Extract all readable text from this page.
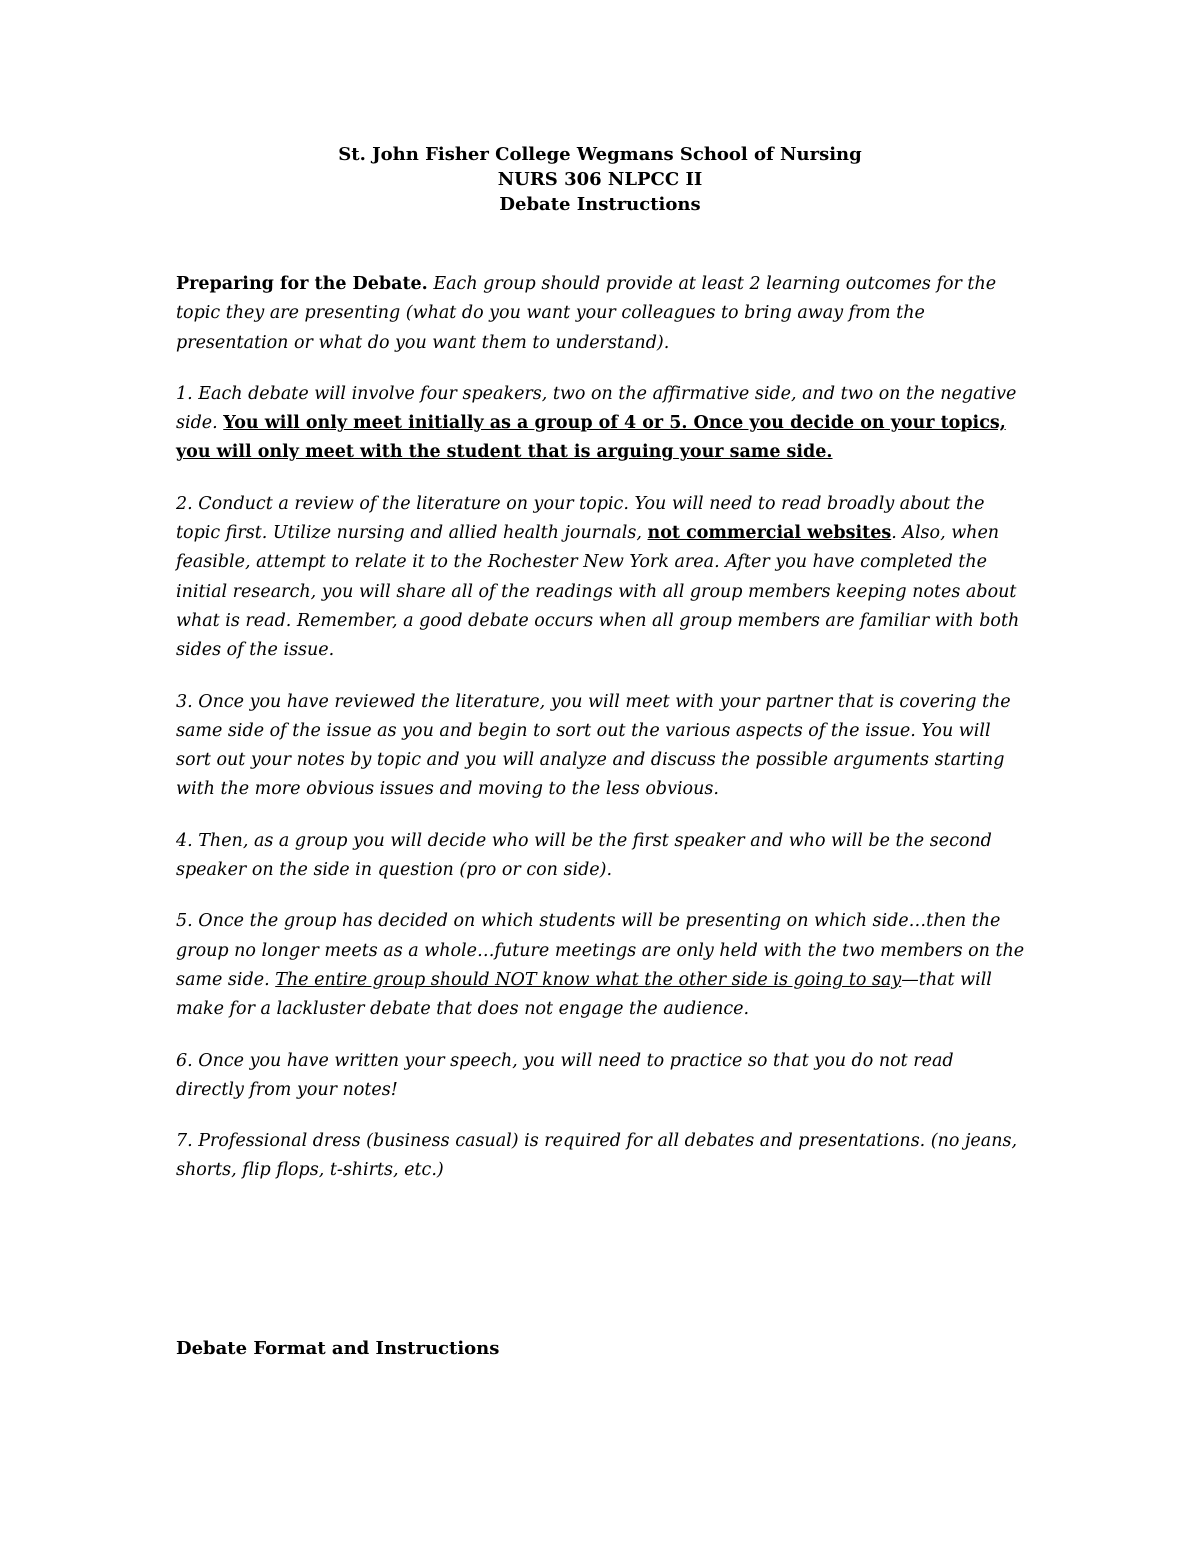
St. John Fisher College Wegmans School of Nursing
NURS 306 NLPCC II
Debate Instructions

Preparing for the Debate. Each group should provide at least 2 learning outcomes for the topic they are presenting (what do you want your colleagues to bring away from the presentation or what do you want them to understand).

1. Each debate will involve four speakers, two on the affirmative side, and two on the negative side. You will only meet initially as a group of 4 or 5. Once you decide on your topics, you will only meet with the student that is arguing your same side.

2. Conduct a review of the literature on your topic. You will need to read broadly about the topic first. Utilize nursing and allied health journals, not commercial websites. Also, when feasible, attempt to relate it to the Rochester New York area. After you have completed the initial research, you will share all of the readings with all group members keeping notes about what is read. Remember, a good debate occurs when all group members are familiar with both sides of the issue.

3. Once you have reviewed the literature, you will meet with your partner that is covering the same side of the issue as you and begin to sort out the various aspects of the issue. You will sort out your notes by topic and you will analyze and discuss the possible arguments starting with the more obvious issues and moving to the less obvious.

4. Then, as a group you will decide who will be the first speaker and who will be the second speaker on the side in question (pro or con side).

5. Once the group has decided on which students will be presenting on which side…then the group no longer meets as a whole…future meetings are only held with the two members on the same side. The entire group should NOT know what the other side is going to say—that will make for a lackluster debate that does not engage the audience.

6. Once you have written your speech, you will need to practice so that you do not read directly from your notes!

7. Professional dress (business casual) is required for all debates and presentations. (no jeans, shorts, flip flops, t-shirts, etc.)

Debate Format and Instructions
